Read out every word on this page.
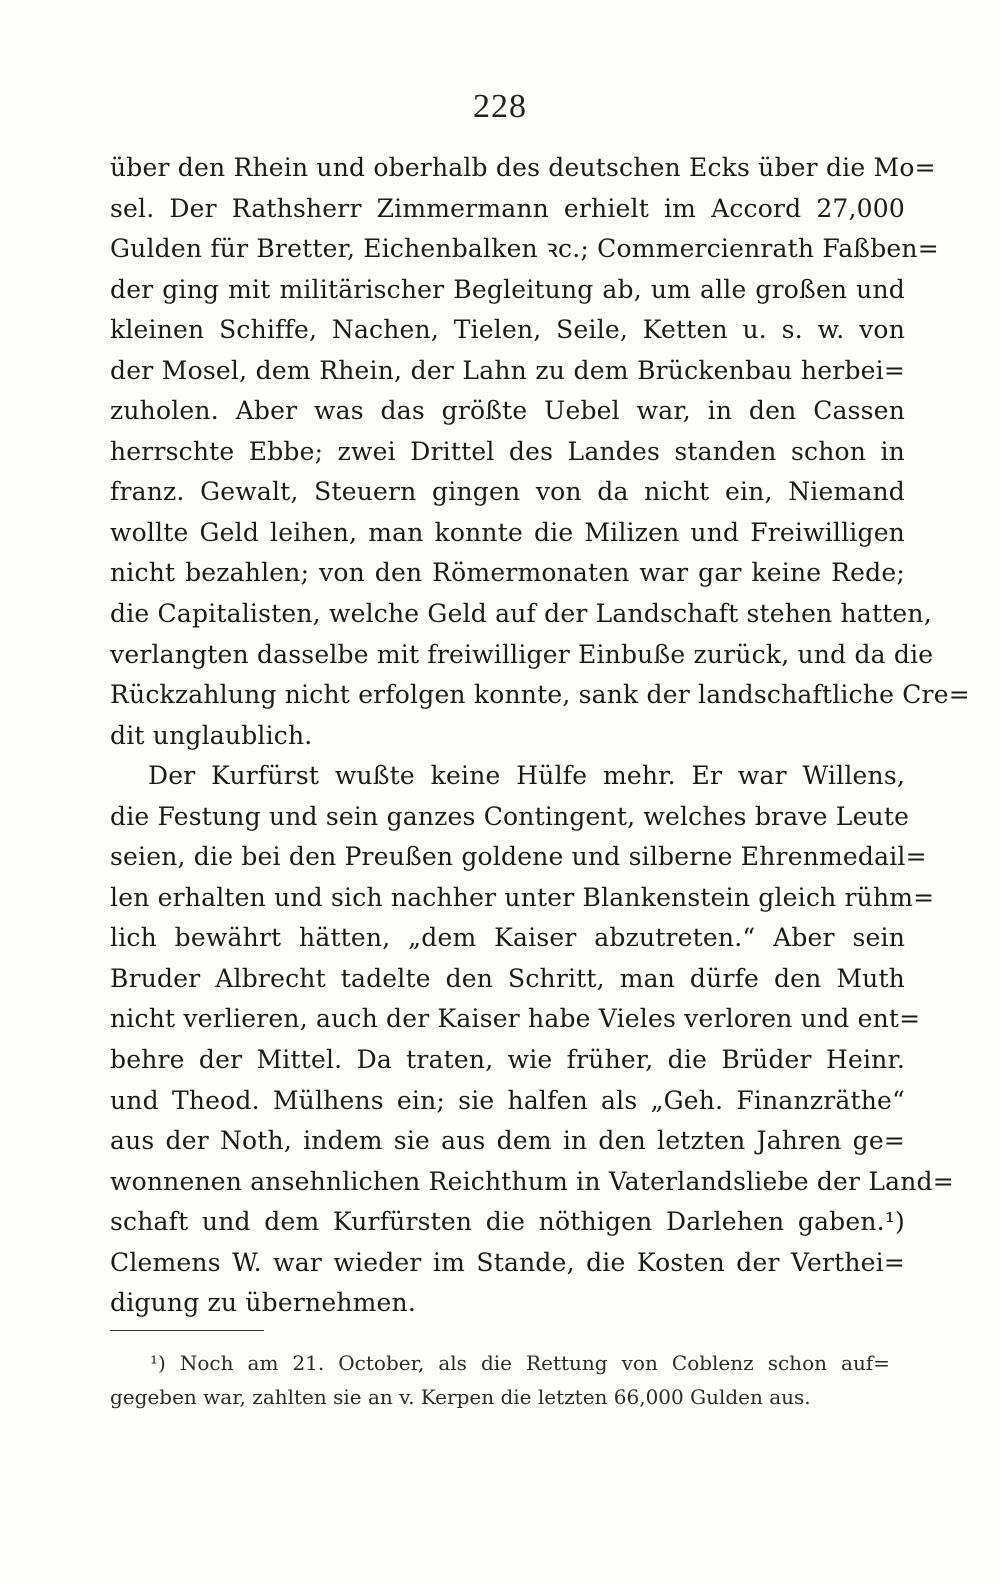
228
über den Rhein und oberhalb des deutschen Ecks über die Mo=
sel. Der Rathsherr Zimmermann erhielt im Accord 27,000
Gulden für Bretter, Eichenbalken ꝛc.; Commercienrath Faßben=
der ging mit militärischer Begleitung ab, um alle großen und
kleinen Schiffe, Nachen, Tielen, Seile, Ketten u. s. w. von
der Mosel, dem Rhein, der Lahn zu dem Brückenbau herbei=
zuholen. Aber was das größte Uebel war, in den Cassen
herrschte Ebbe; zwei Drittel des Landes standen schon in
franz. Gewalt, Steuern gingen von da nicht ein, Niemand
wollte Geld leihen, man konnte die Milizen und Freiwilligen
nicht bezahlen; von den Römermonaten war gar keine Rede;
die Capitalisten, welche Geld auf der Landschaft stehen hatten,
verlangten dasselbe mit freiwilliger Einbuße zurück, und da die
Rückzahlung nicht erfolgen konnte, sank der landschaftliche Cre=
dit unglaublich.
Der Kurfürst wußte keine Hülfe mehr. Er war Willens,
die Festung und sein ganzes Contingent, welches brave Leute
seien, die bei den Preußen goldene und silberne Ehrenmedail=
len erhalten und sich nachher unter Blankenstein gleich rühm=
lich bewährt hätten, „dem Kaiser abzutreten.“ Aber sein
Bruder Albrecht tadelte den Schritt, man dürfe den Muth
nicht verlieren, auch der Kaiser habe Vieles verloren und ent=
behre der Mittel. Da traten, wie früher, die Brüder Heinr.
und Theod. Mülhens ein; sie halfen als „Geh. Finanzräthe“
aus der Noth, indem sie aus dem in den letzten Jahren ge=
wonnenen ansehnlichen Reichthum in Vaterlandsliebe der Land=
schaft und dem Kurfürsten die nöthigen Darlehen gaben.¹)
Clemens W. war wieder im Stande, die Kosten der Verthei=
digung zu übernehmen.
¹) Noch am 21. October, als die Rettung von Coblenz schon auf=
gegeben war, zahlten sie an v. Kerpen die letzten 66,000 Gulden aus.
